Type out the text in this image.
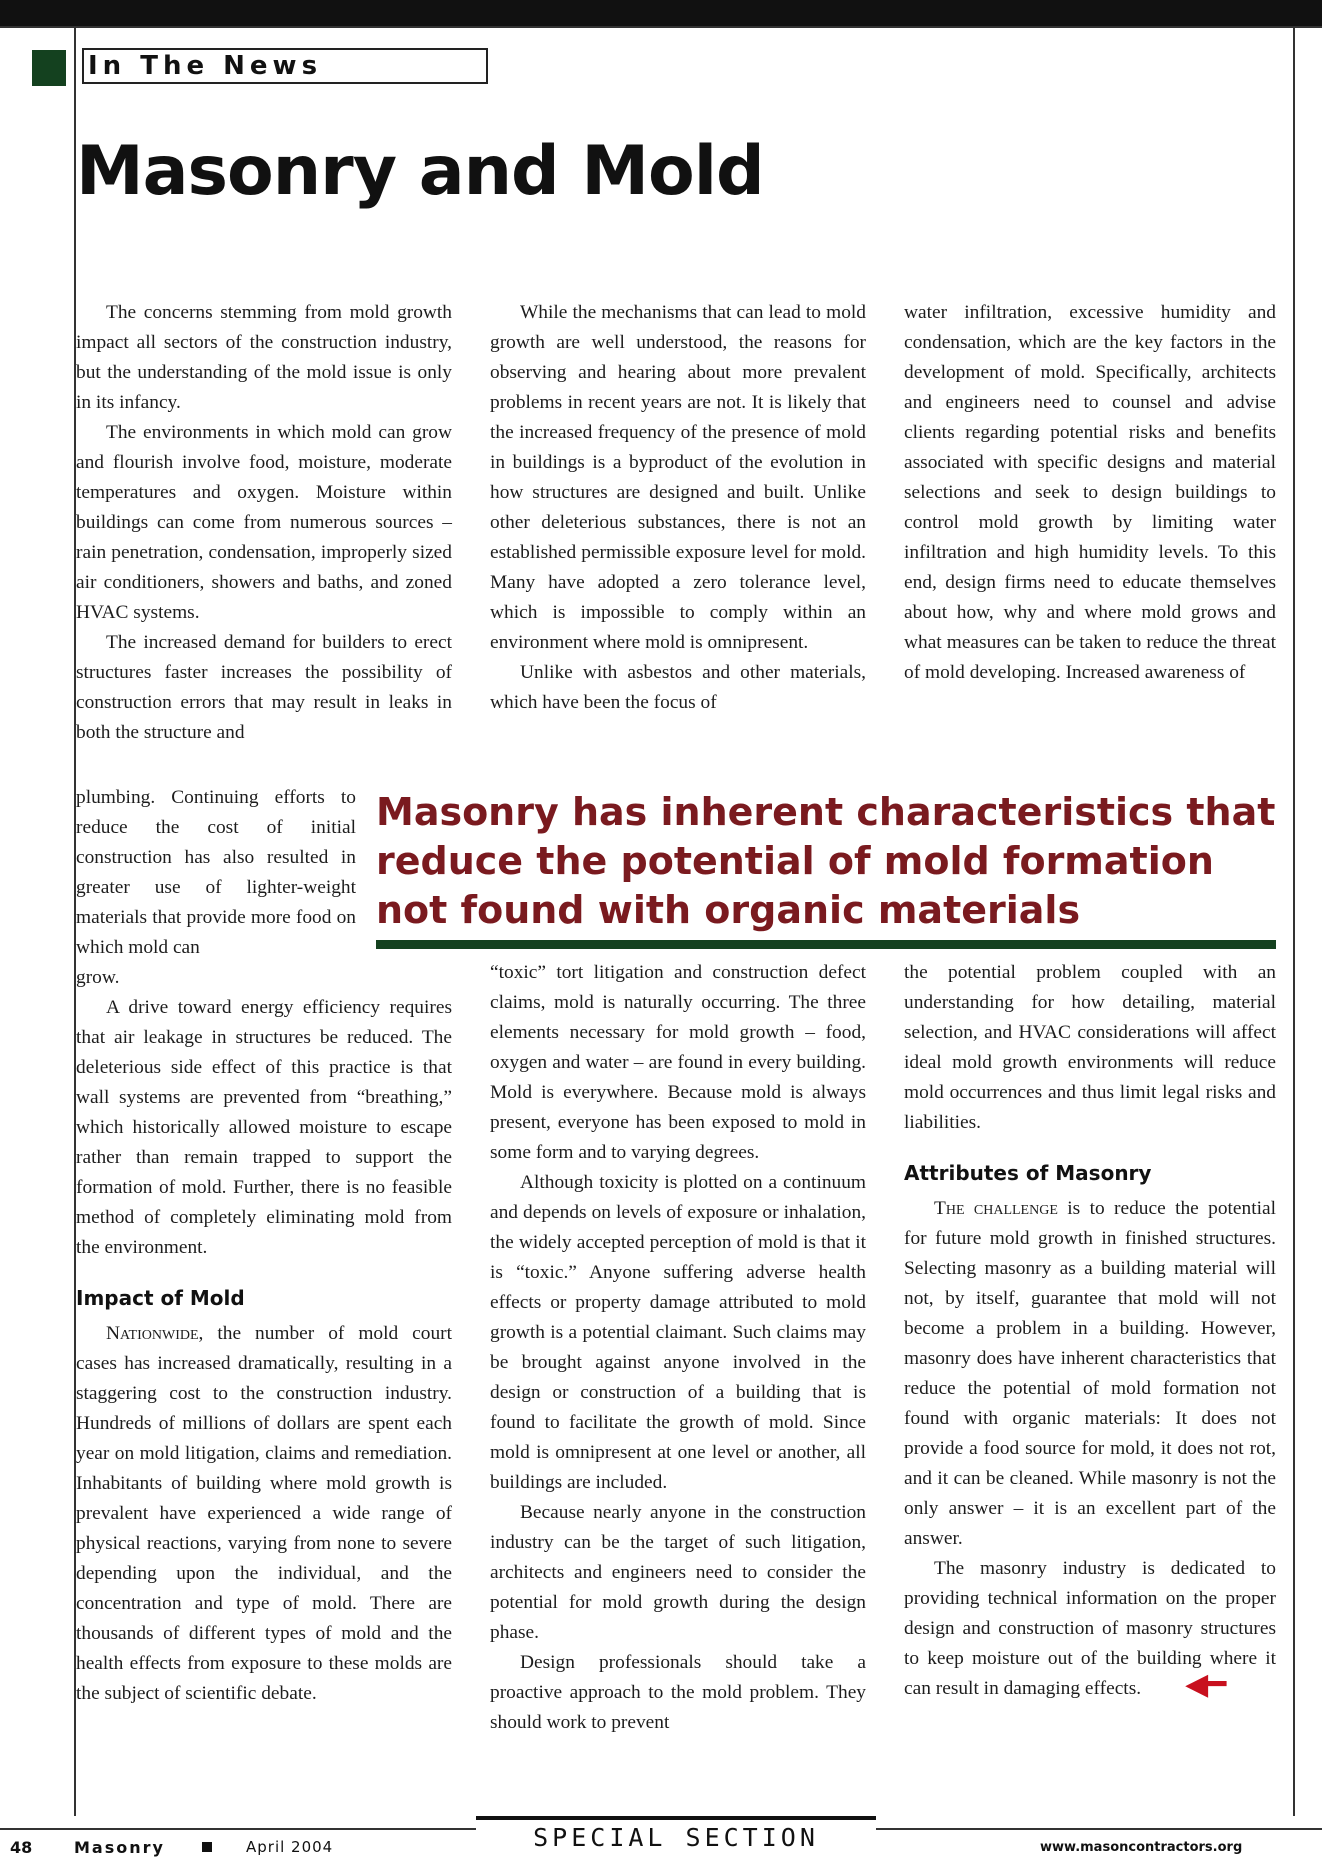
In The News
Masonry and Mold

The concerns stemming from mold growth impact all sectors of the construction industry, but the understanding of the mold issue is only in its infancy.

The environments in which mold can grow and flourish involve food, moisture, moderate temperatures and oxygen. Moisture within buildings can come from numerous sources – rain penetration, condensation, improperly sized air conditioners, showers and baths, and zoned HVAC systems.

The increased demand for builders to erect structures faster increases the possibility of construction errors that may result in leaks in both the structure and

plumbing. Continuing efforts to reduce the cost of initial construction has also resulted in greater use of lighter-weight materials that provide more food on which mold can

grow.

A drive toward energy efficiency requires that air leakage in structures be reduced. The deleterious side effect of this practice is that wall systems are prevented from “breathing,” which historically allowed moisture to escape rather than remain trapped to support the formation of mold. Further, there is no feasible method of completely eliminating mold from the environment.

Impact of Mold

Nationwide, the number of mold court cases has increased dramatically, resulting in a staggering cost to the construction industry. Hundreds of millions of dollars are spent each year on mold litigation, claims and remediation. Inhabitants of building where mold growth is prevalent have experienced a wide range of physical reactions, varying from none to severe depending upon the individual, and the concentration and type of mold. There are thousands of different types of mold and the health effects from exposure to these molds are the subject of scientific debate.

While the mechanisms that can lead to mold growth are well understood, the reasons for observing and hearing about more prevalent problems in recent years are not. It is likely that the increased frequency of the presence of mold in buildings is a byproduct of the evolution in how structures are designed and built. Unlike other deleterious substances, there is not an established permissible exposure level for mold. Many have adopted a zero tolerance level, which is impossible to comply within an environment where mold is omnipresent.

Unlike with asbestos and other materials, which have been the focus of

“toxic” tort litigation and construction defect claims, mold is naturally occurring. The three elements necessary for mold growth – food, oxygen and water – are found in every building. Mold is everywhere. Because mold is always present, everyone has been exposed to mold in some form and to varying degrees.

Although toxicity is plotted on a continuum and depends on levels of exposure or inhalation, the widely accepted perception of mold is that it is “toxic.” Anyone suffering adverse health effects or property damage attributed to mold growth is a potential claimant. Such claims may be brought against anyone involved in the design or construction of a building that is found to facilitate the growth of mold. Since mold is omnipresent at one level or another, all buildings are included.

Because nearly anyone in the construction industry can be the target of such litigation, architects and engineers need to consider the potential for mold growth during the design phase.

Design professionals should take a proactive approach to the mold problem. They should work to prevent

water infiltration, excessive humidity and condensation, which are the key factors in the development of mold. Specifically, architects and engineers need to counsel and advise clients regarding potential risks and benefits associated with specific designs and material selections and seek to design buildings to control mold growth by limiting water infiltration and high humidity levels. To this end, design firms need to educate themselves about how, why and where mold grows and what measures can be taken to reduce the threat of mold developing. Increased awareness of

the potential problem coupled with an understanding for how detailing, material selection, and HVAC considerations will affect ideal mold growth environments will reduce mold occurrences and thus limit legal risks and liabilities.

Attributes of Masonry

The challenge is to reduce the potential for future mold growth in finished structures. Selecting masonry as a building material will not, by itself, guarantee that mold will not become a problem in a building. However, masonry does have inherent characteristics that reduce the potential of mold formation not found with organic materials: It does not provide a food source for mold, it does not rot, and it can be cleaned. While masonry is not the only answer – it is an excellent part of the answer.

The masonry industry is dedicated to providing technical information on the proper design and construction of masonry structures to keep moisture out of the building where it can result in damaging effects. ◀━

Masonry has inherent characteristics that reduce the potential of mold formation not found with organic materials
48	Masonry	April 2004	SPECIAL SECTION	www.masoncontractors.org
